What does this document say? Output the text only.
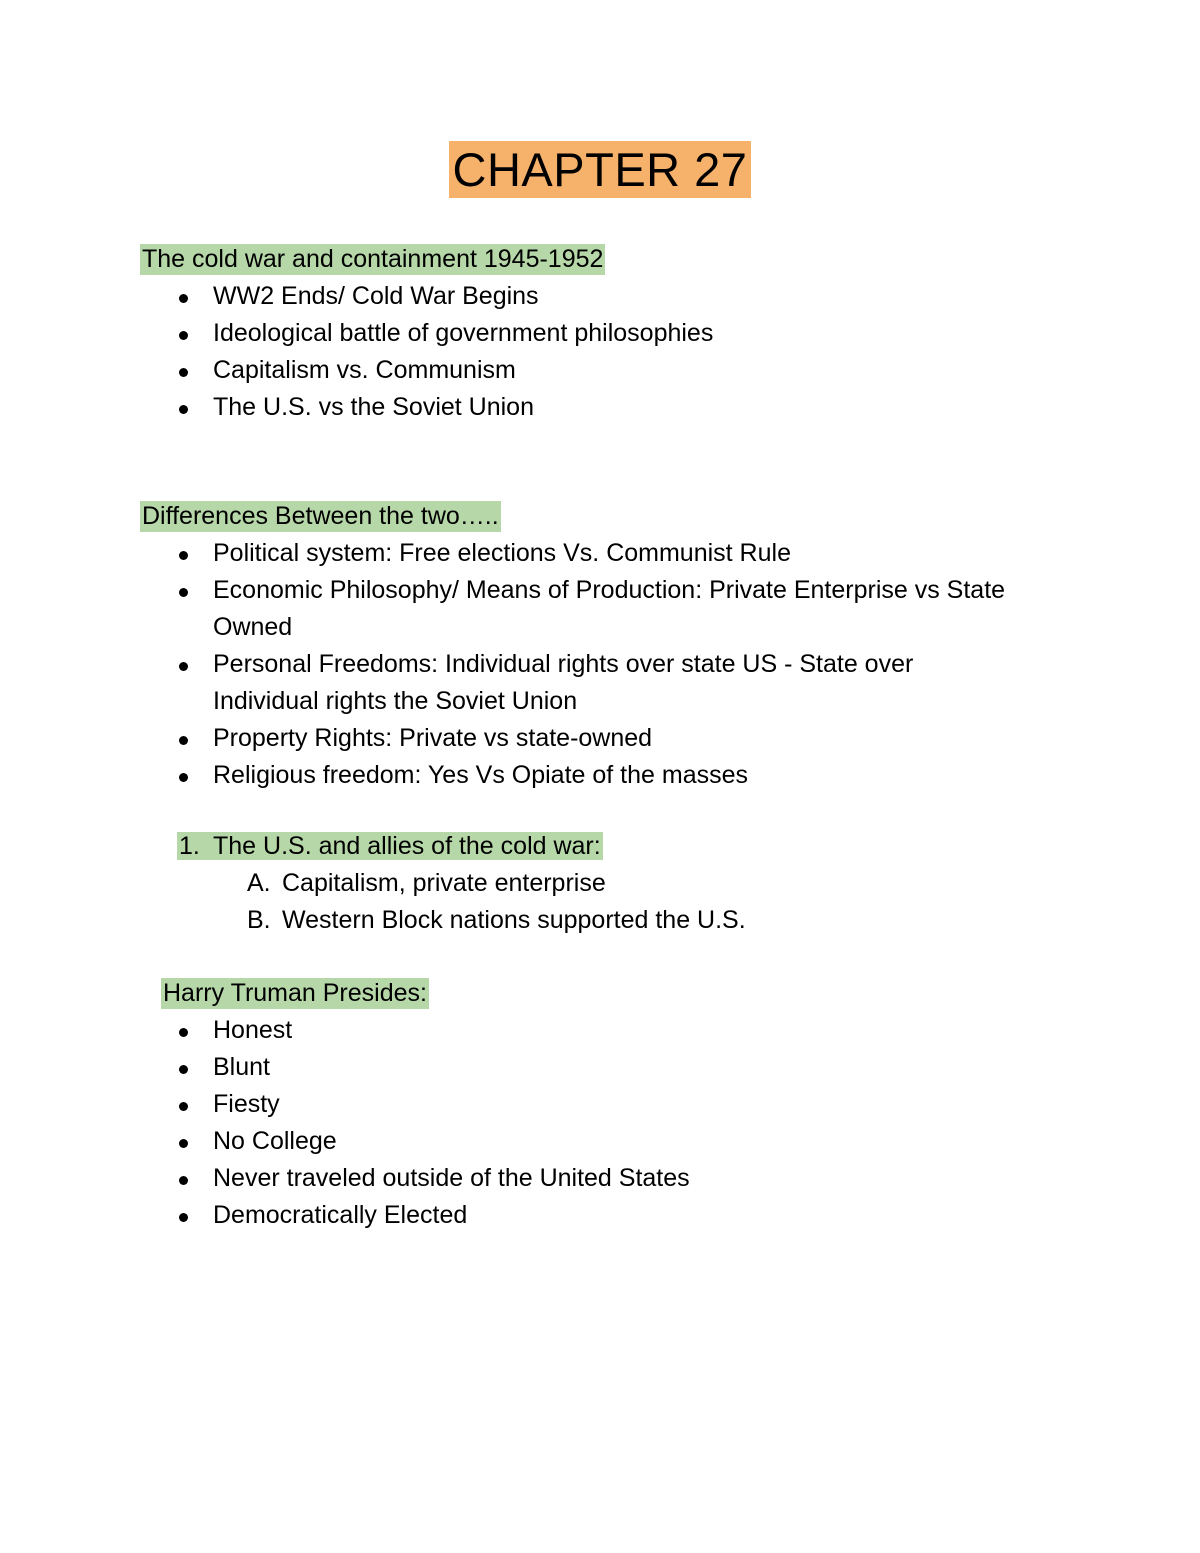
CHAPTER 27
The cold war and containment 1945-1952
WW2 Ends/ Cold War Begins
Ideological battle of government philosophies
Capitalism vs. Communism
The U.S. vs the Soviet Union
Differences Between the two…..
Political system: Free elections Vs. Communist Rule
Economic Philosophy/ Means of Production: Private Enterprise vs State Owned
Personal Freedoms: Individual rights over state US - State over Individual rights the Soviet Union
Property Rights: Private vs state-owned
Religious freedom: Yes Vs Opiate of the masses
1. The U.S. and allies of the cold war:
A. Capitalism, private enterprise
B. Western Block nations supported the U.S.
Harry Truman Presides:
Honest
Blunt
Fiesty
No College
Never traveled outside of the United States
Democratically Elected
